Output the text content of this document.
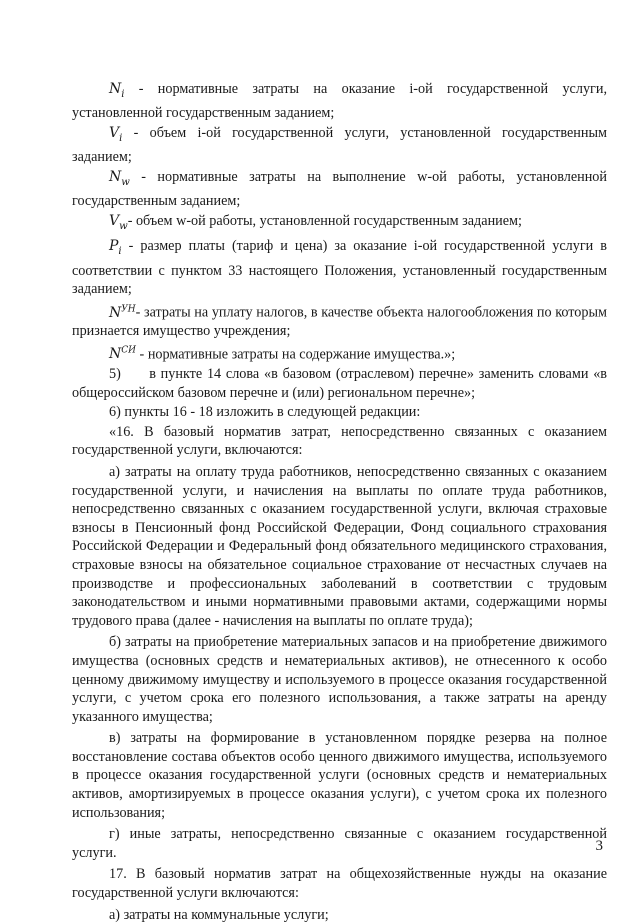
$N_i$ - нормативные затраты на оказание i-ой государственной услуги, установленной государственным заданием;

$V_i$ - объем i-ой государственной услуги, установленной государственным заданием;

$N_w$ - нормативные затраты на выполнение w-ой работы, установленной государственным заданием;

$V_w-$ объем w-ой работы, установленной государственным заданием;

$P_i$ - размер платы (тариф и цена) за оказание i-ой государственной услуги в соответствии с пунктом 33 настоящего Положения, установленный государственным заданием;

$N^{УН}-$ затраты на уплату налогов, в качестве объекта налогообложения по которым признается имущество учреждения;

$N^{СИ}$ - нормативные затраты на содержание имущества.»;

5)  в пункте 14 слова «в базовом (отраслевом) перечне» заменить словами «в общероссийском базовом перечне и (или) региональном перечне»;

6) пункты 16 - 18 изложить в следующей редакции:

«16. В базовый норматив затрат, непосредственно связанных с оказанием государственной услуги, включаются:

а) затраты на оплату труда работников, непосредственно связанных с оказанием государственной услуги, и начисления на выплаты по оплате труда работников, непосредственно связанных с оказанием государственной услуги, включая страховые взносы в Пенсионный фонд Российской Федерации, Фонд социального страхования Российской Федерации и Федеральный фонд обязательного медицинского страхования, страховые взносы на обязательное социальное страхование от несчастных случаев на производстве и профессиональных заболеваний в соответствии с трудовым законодательством и иными нормативными правовыми актами, содержащими нормы трудового права (далее - начисления на выплаты по оплате труда);

б) затраты на приобретение материальных запасов и на приобретение движимого имущества (основных средств и нематериальных активов), не отнесенного к особо ценному движимому имуществу и используемого в процессе оказания государственной услуги, с учетом срока его полезного использования, а также затраты на аренду указанного имущества;

в) затраты на формирование в установленном порядке резерва на полное восстановление состава объектов особо ценного движимого имущества, используемого в процессе оказания государственной услуги (основных средств и нематериальных активов, амортизируемых в процессе оказания услуги), с учетом срока их полезного использования;

г) иные затраты, непосредственно связанные с оказанием государственной услуги.

17. В базовый норматив затрат на общехозяйственные нужды на оказание государственной услуги включаются:

а) затраты на коммунальные услуги;

3
